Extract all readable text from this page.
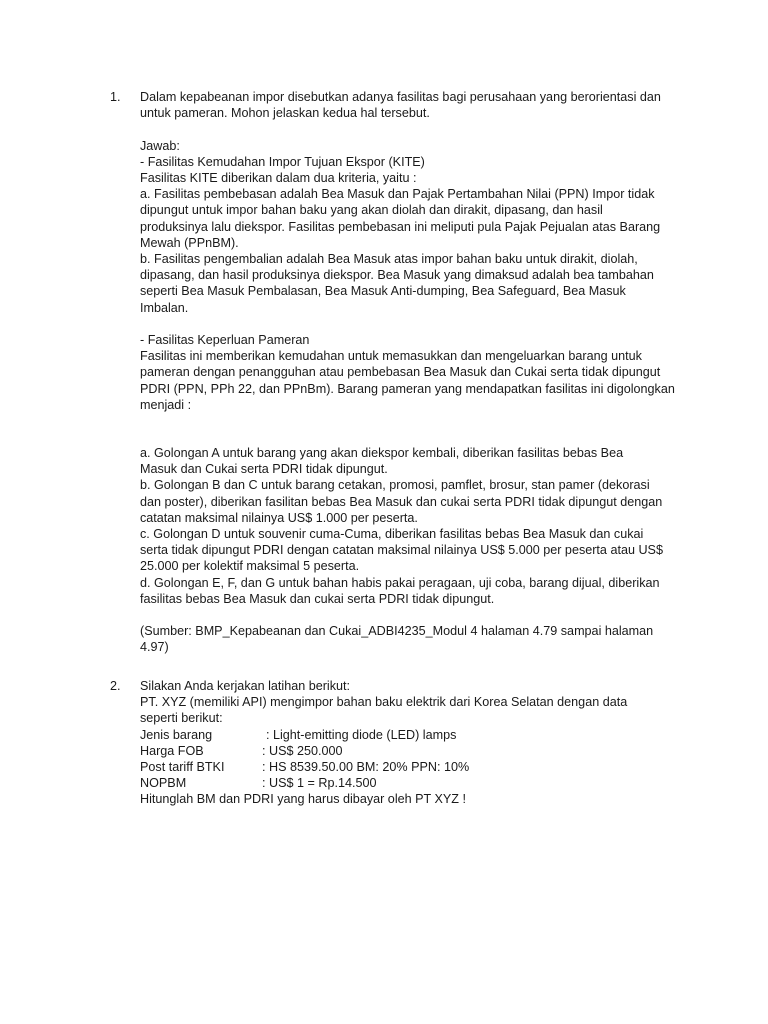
1.	Dalam kepabeanan impor disebutkan adanya fasilitas bagi perusahaan yang berorientasi dan
untuk pameran. Mohon jelaskan kedua hal tersebut.
Jawab:
- Fasilitas Kemudahan Impor Tujuan Ekspor (KITE)
Fasilitas KITE diberikan dalam dua kriteria, yaitu :
a. Fasilitas pembebasan adalah Bea Masuk dan Pajak Pertambahan Nilai (PPN) Impor tidak
dipungut untuk impor bahan baku yang akan diolah dan dirakit, dipasang, dan hasil
produksinya lalu diekspor. Fasilitas pembebasan ini meliputi pula Pajak Pejualan atas Barang
Mewah (PPnBM).
b. Fasilitas pengembalian adalah Bea Masuk atas impor bahan baku untuk dirakit, diolah,
dipasang, dan hasil produksinya diekspor. Bea Masuk yang dimaksud adalah bea tambahan
seperti Bea Masuk Pembalasan, Bea Masuk Anti-dumping, Bea Safeguard, Bea Masuk
Imbalan.
- Fasilitas Keperluan Pameran
Fasilitas ini memberikan kemudahan untuk memasukkan dan mengeluarkan barang untuk
pameran dengan penangguhan atau pembebasan Bea Masuk dan Cukai serta tidak dipungut
PDRI (PPN, PPh 22, dan PPnBm). Barang pameran yang mendapatkan fasilitas ini digolongkan
menjadi :
a. Golongan A untuk barang yang akan diekspor kembali, diberikan fasilitas bebas Bea
Masuk dan Cukai serta PDRI tidak dipungut.
b. Golongan B dan C untuk barang cetakan, promosi, pamflet, brosur, stan pamer (dekorasi
dan poster), diberikan fasilitan bebas Bea Masuk dan cukai serta PDRI tidak dipungut dengan
catatan maksimal nilainya US$ 1.000 per peserta.
c. Golongan D untuk souvenir cuma-Cuma, diberikan fasilitas bebas Bea Masuk dan cukai
serta tidak dipungut PDRI dengan catatan maksimal nilainya US$ 5.000 per peserta atau US$
25.000 per kolektif maksimal 5 peserta.
d. Golongan E, F, dan G untuk bahan habis pakai peragaan, uji coba, barang dijual, diberikan
fasilitas bebas Bea Masuk dan cukai serta PDRI tidak dipungut.
(Sumber: BMP_Kepabeanan dan Cukai_ADBI4235_Modul 4 halaman 4.79 sampai halaman
4.97)
2.	Silakan Anda kerjakan latihan berikut:
PT. XYZ (memiliki API) mengimpor bahan baku elektrik dari Korea Selatan dengan data
seperti berikut:
Jenis barang	: Light-emitting diode (LED) lamps
Harga FOB	: US$ 250.000
Post tariff BTKI	: HS 8539.50.00 BM: 20% PPN: 10%
NOPBM	: US$ 1 = Rp.14.500
Hitunglah BM dan PDRI yang harus dibayar oleh PT XYZ !
